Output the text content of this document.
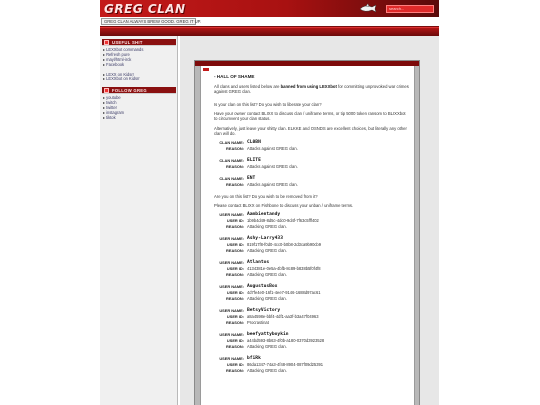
GREG CLAN	search...
GREG CLAN ALWAYS BREW GOOD. GREG IT UP.
USEFUL SHIT
▸LEXXbot commands
▸Refresh pure
▸mayl/html-irck
▸Facebook

▸LEXX on Kidsrr
▸LEXXbot on Kidsrr
FOLLOW GREG
▸youtube
▸twitch
▸twitter
▸instagram
▸tiktok
- HALL OF SHAME
All clans and users listed below are banned from using LEXXbot for committing unprovoked war crimes against GREG clan.
Is your clan on this list? Do you wish to liberate your clan?
Have your owner contact BLIXX to discuss clan / uniframe terms, or tip 5000 token ransom to BLIXXbot to circumvent your clan status.
Alternatively, just leave your shitty clan. ELKKE and OSNDS are excellent choices, but literally any other clan will do.
CLAN NAME: CL0BN
REASON: Attacks against GREG clan.
CLAN NAME: ELITE
REASON: Attacks against GREG clan.
CLAN NAME: ENT
REASON: Attacks against GREG clan.
Are you on this list? Do you wish to be removed from it?
Please contact BLIXX on Fishbone to discuss your unban / uniframe terms.
USER NAME: Aambientandy
USER ID: 1b9b4d49-8d5c-4dc0-9d4f-7f63c5fff402
REASON: Attacking GREG clan.
USER NAME: Ashy-Larry433
USER ID: 819f17f8-f0d0-4cc0-b0b8-2d3ca9b90cb9
REASON: Attacking GREG clan.
USER NAME: Atlantos
USER ID: 4134381e-0e5a-4bfb-8c89-b838b5f0f4f8
REASON: Attacking GREG clan.
USER NAME: AugustusBox
USER ID: 4d7fe4e0-16f1-4ee7-9146-1688d97ac61
REASON: Attacking GREG clan.
USER NAME: BetsyVictory
USER ID: a8a4598e-bbf4-4df1-aa3f-b3a47f04963
REASON: Procrastinat
USER NAME: beefyattyboykin
USER ID: a44bd593-8b63-4f0b-a180-0370d3923528
REASON: Attacking GREG clan.
USER NAME: bfiRk
USER ID: 86da1347-74a3-4f48-8904-087f09d25391
REASON: Attacking GREG clan.
